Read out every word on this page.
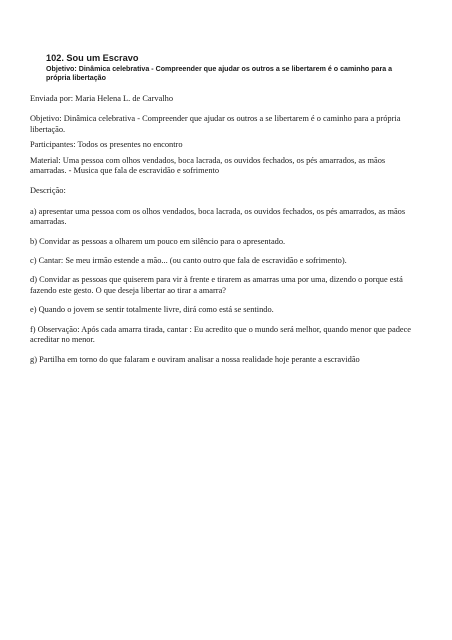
102. Sou um Escravo

Objetivo: Dinâmica celebrativa - Compreender que ajudar os outros a se libertarem é o caminho para a própria libertação

Enviada por: Maria Helena L. de Carvalho

Objetivo: Dinâmica celebrativa - Compreender que ajudar os outros a se libertarem é o caminho para a própria libertação.

Participantes: Todos os presentes no encontro

Material: Uma pessoa com olhos vendados, boca lacrada, os ouvidos fechados, os pés amarrados, as mãos amarradas. - Musica que fala de escravidão e sofrimento

Descrição:

a) apresentar uma pessoa com os olhos vendados, boca lacrada, os ouvidos fechados, os pés amarrados, as mãos amarradas.

b) Convidar as pessoas a olharem um pouco em silêncio para o apresentado.

c) Cantar: Se meu irmão estende a mão... (ou canto outro que fala de escravidão e sofrimento).

d) Convidar as pessoas que quiserem para vir à frente e tirarem as amarras uma por uma, dizendo o porque está fazendo este gesto. O que deseja libertar ao tirar a amarra?

e) Quando o jovem se sentir totalmente livre, dirá como está se sentindo.

f) Observação: Após cada amarra tirada, cantar : Eu acredito que o mundo será melhor, quando menor que padece acreditar no menor.

g) Partilha em torno do que falaram e ouviram analisar a nossa realidade hoje perante a escravidão
